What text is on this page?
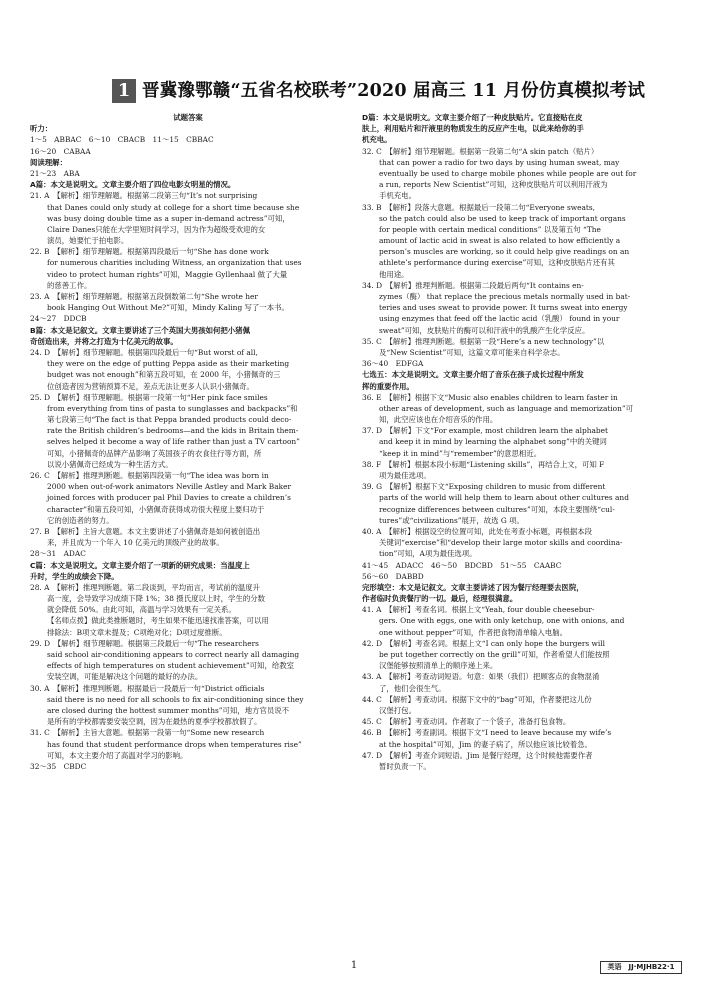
1 晋冀豫鄂赣“五省名校联考”2020 届高三 11 月份仿真模拟考试
试题答案
听力：
1～5　ABBAC　6～10　CBACB　11～15　CBBAC
16～20　CABAA
阅读理解：
21～23　ABA
A篇：本文是说明文。文章主要介绍了四位电影女明星的情况。
21. A　【解析】细节理解题。根据第二段第三句“It’s not surprising
that Danes could only study at college for a short time because she
was busy doing double time as a super in-demand actress”可知，
Claire Danes只能在大学里短时间学习，因为作为超级受欢迎的女
演员，她要忙于拍电影。
22. B　【解析】细节理解题。根据第四段最后一句“She has done work
for numerous charities including Witness, an organization that uses
video to protect human rights”可知，Maggie Gyllenhaal 做了大量
的慈善工作。
23. A　【解析】细节理解题。根据第五段倒数第二句“She wrote her
book Hanging Out Without Me?”可知，Mindy Kaling 写了一本书。
24～27　DDCB
B篇：本文是记叙文。文章主要讲述了三个英国大男孩如何把小猪佩
奇创造出来，并将之打造为十亿美元的故事。
24. D　【解析】细节理解题。根据第四段最后一句“But worst of all,
they were on the edge of putting Peppa aside as their marketing
budget was not enough”和第五段可知，在 2000 年，小猪佩奇的三
位创造者因为营销预算不足，差点无法让更多人认识小猪佩奇。
25. D　【解析】细节理解题。根据第一段第一句“Her pink face smiles
from everything from tins of pasta to sunglasses and backpacks”和
第七段第三句“The fact is that Peppa branded products could deco-
rate the British children’s bedrooms—and the kids in Britain them-
selves helped it become a way of life rather than just a TV cartoon”
可知，小猪佩奇的品牌产品影响了英国孩子的衣食住行等方面，所
以说小猪佩奇已经成为一种生活方式。
26. C　【解析】推理判断题。根据第四段第一句“The idea was born in
2000 when out-of-work animators Neville Astley and Mark Baker
joined forces with producer pal Phil Davies to create a children’s
character”和第五段可知，小猪佩奇获得成功很大程度上要归功于
它的创造者的努力。
27. B　【解析】主旨大意题。本文主要讲述了小猪佩奇是如何被创造出
来，并且成为一个年入 10 亿美元的顶级产业的故事。
28～31　ADAC
C篇：本文是说明文。文章主要介绍了一项新的研究成果：当温度上
升时，学生的成绩会下降。
28. A　【解析】推理判断题。第二段谈到，平均而言，考试前的温度升
高一度，会导致学习成绩下降 1%；38 摄氏度以上时，学生的分数
就会降低 50%。由此可知，高温与学习效果有一定关系。
【名师点拨】做此类推断题时，考生如果不能迅速找准答案，可以用
排除法：B项文章未提及；C项绝对化；D项过度推断。
29. D　【解析】细节理解题。根据第三段最后一句“The researchers
said school air-conditioning appears to correct nearly all damaging
effects of high temperatures on student achievement”可知，给教室
安装空调，可能是解决这个问题的最好的办法。
30. A　【解析】推理判断题。根据最后一段最后一句“District officials
said there is no need for all schools to fix air-conditioning since they
are closed during the hottest summer months”可知，地方官员说不
是所有的学校都需要安装空调，因为在最热的夏季学校都放假了。
31. C　【解析】主旨大意题。根据第一段第一句“Some new research
has found that student performance drops when temperatures rise”
可知，本文主要介绍了高温对学习的影响。
32～35　CBDC
D篇：本文是说明文。文章主要介绍了一种皮肤贴片。它直接贴在皮
肤上，利用贴片和汗液里的物质发生的反应产生电，以此来给你的手
机充电。
32. C　【解析】细节理解题。根据第一段第二句“A skin patch（贴片）
that can power a radio for two days by using human sweat, may
eventually be used to charge mobile phones while people are out for
a run, reports New Scientist”可知，这种皮肤贴片可以利用汗液为
手机充电。
33. B　【解析】段落大意题。根据最后一段第二句“Everyone sweats,
so the patch could also be used to keep track of important organs
for people with certain medical conditions” 以及第五句 “The
amount of lactic acid in sweat is also related to how efficiently a
person’s muscles are working, so it could help give readings on an
athlete’s performance during exercise”可知，这种皮肤贴片还有其
他用途。
34. D　【解析】推理判断题。根据第二段最后两句“It contains en-
zymes（酶） that replace the precious metals normally used in bat-
teries and uses sweat to provide power. It turns sweat into energy
using enzymes that feed off the lactic acid（乳酸） found in your
sweat”可知，皮肤贴片的酶可以和汗液中的乳酸产生化学反应。
35. C　【解析】推理判断题。根据第一段“Here’s a new technology”以
及“New Scientist”可知，这篇文章可能来自科学杂志。
36～40　EDFGA
七选五：本文是说明文。文章主要介绍了音乐在孩子成长过程中所发
挥的重要作用。
36. E　【解析】根据下文“Music also enables children to learn faster in
other areas of development, such as language and memorization”可
知，此空应该也在介绍音乐的作用。
37. D　【解析】下文“For example, most children learn the alphabet
and keep it in mind by learning the alphabet song”中的关键词
“keep it in mind”与“remember”的意思相近。
38. F　【解析】根据本段小标题“Listening skills”，再结合上文，可知 F
项为最佳选项。
39. G　【解析】根据下文“Exposing children to music from different
parts of the world will help them to learn about other cultures and
recognize differences between cultures”可知，本段主要围绕“cul-
tures”或“civilizations”展开，故选 G 项。
40. A　【解析】根据设空的位置可知，此处在考查小标题，再根据本段
关键词“exercise”和“develop their large motor skills and coordina-
tion”可知，A项为最佳选项。
41～45　ADACC　46～50　BDCBD　51～55　CAABC
56～60　DABBD
完形填空：本文是记叙文。文章主要讲述了因为餐厅经理要去医院，
作者临时负责餐厅的一切。最后，经理很满意。
41. A　【解析】考查名词。根据上文“Yeah, four double cheesebur-
gers. One with eggs, one with only ketchup, one with onions, and
one without pepper”可知，作者把食物清单输入电脑。
42. D　【解析】考查名词。根据上文“I can only hope the burgers will
be put together correctly on the grill”可知，作者希望人们能按照
汉堡能够按照清单上的顺序递上来。
43. A　【解析】考查动词短语。句意：如果（我们）把顾客点的食物混淆
了，他们会很生气。
44. C　【解析】考查动词。根据下文中的“bag”可知，作者要把这儿份
汉堡打包。
45. C　【解析】考查动词。作者取了一个袋子，准备打包食物。
46. B　【解析】考查副词。根据下文“I need to leave because my wife’s
at the hospital”可知，Jim 的妻子病了，所以他应该比较着急。
47. D　【解析】考查介词短语。Jim 是餐厅经理，这个时候他需要作者
暂时负责一下。
1	英语　JJ·MJHB22·1
